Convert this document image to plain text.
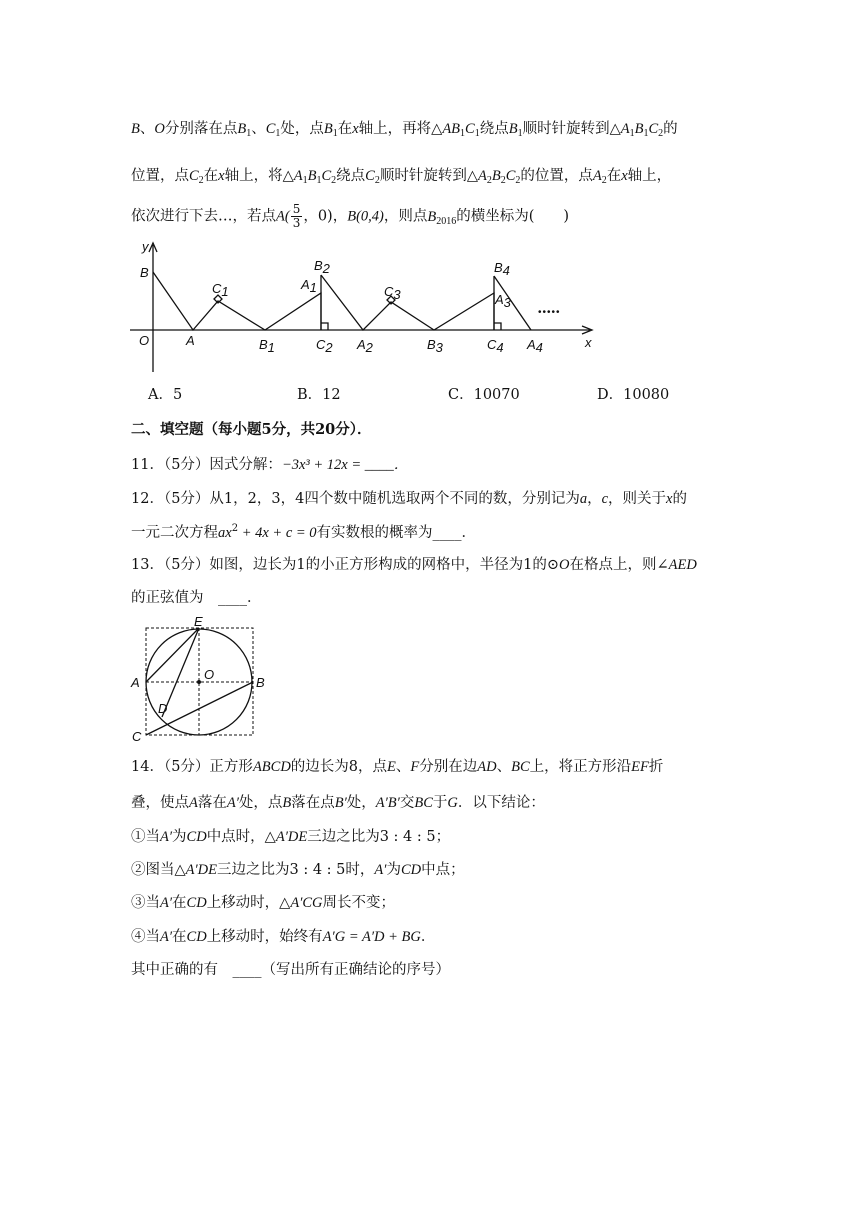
B、O分别落在点$B_1$、$C_1$处，点$B_1$在x轴上，再将$\triangle AB_1C_1$绕点$B_1$顺时针旋转到$\triangle A_1B_1C_2$的
位置，点$C_2$在x轴上，将$\triangle A_1B_1C_2$绕点$C_2$顺时针旋转到$\triangle A_2B_2C_2$的位置，点$A_2$在x轴上，
依次进行下去…，若点$A( \frac{5}{3}$ ，0)，B(0,4)，则点$B_{2016}$的横坐标为(　　)
y
B
O	A
C1
B1
A1
B2
C2 A2
C3
B3
B4
A3
C4 A4
•••••
x
A．5	B．12	C．10070	D．10080
二、填空题（每小题5分，共20分）．
11．（5分）因式分解：−3x³ + 12x = ____．
12．（5分）从1，2，3，4四个数中随机选取两个不同的数，分别记为a，c，则关于x的
一元二次方程$ax^2 + 4x + c = 0$有实数根的概率为____．
13．（5分）如图，边长为1的小正方形构成的网格中，半径为1的⊙O在格点上，则∠AED
的正弦值为　____．
E
O
A	B
D
C
14．（5分）正方形ABCD的边长为8，点E、F分别在边AD、BC上，将正方形沿EF折
叠，使点A落在A′处，点B落在点B′处，A′B′交BC于G．以下结论：
①当A′为CD中点时，△A′DE三边之比为3 : 4 : 5；
②图当△A′DE三边之比为3 : 4 : 5时，A′为CD中点；
③当A′在CD上移动时，△A′CG周长不变；
④当A′在CD上移动时，始终有A′G = A′D + BG．
其中正确的有　____（写出所有正确结论的序号）
